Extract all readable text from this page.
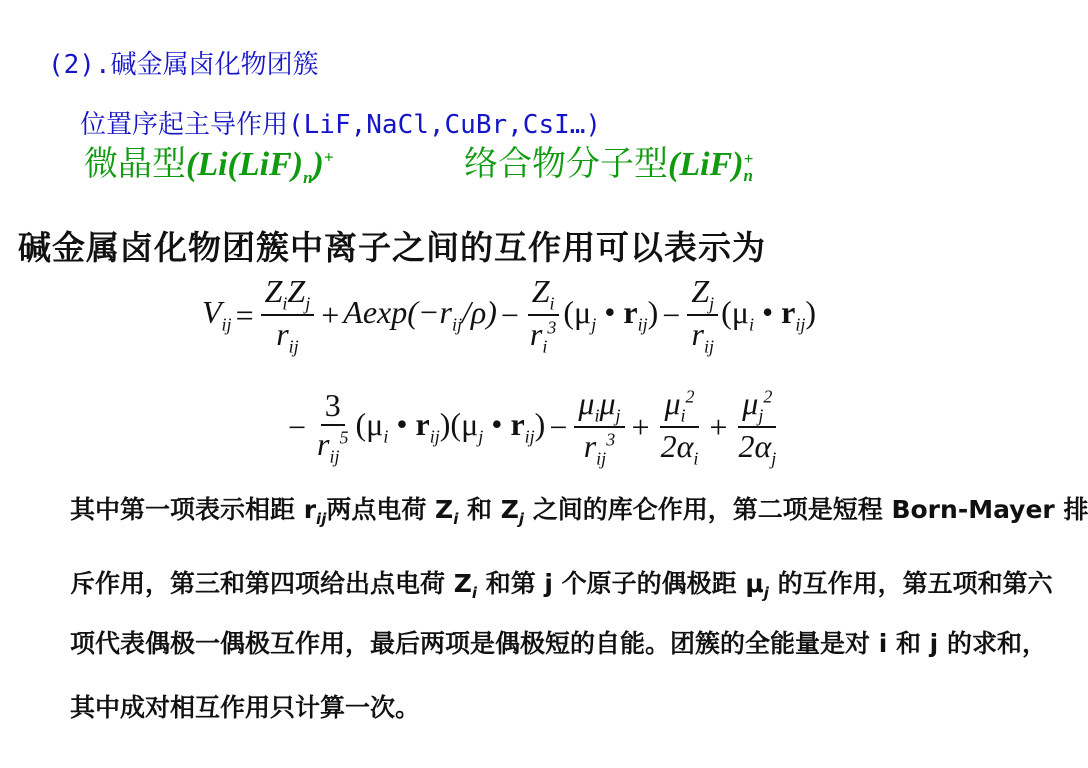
(2).碱金属卤化物团簇
位置序起主导作用(LiF,NaCl,CuBr,CsI…)
微晶型$(Li(LiF)_n)^+$	络合物分子型(LiF) +
n
碱金属卤化物团簇中离子之间的互作用可以表示为
$V_{ij} = \frac{Z_iZ_j}{r_{ij}} + Aexp(-r_{ij}/\rho) - \frac{Z_i}{r_i^3} (\mu_j$ • $r_{ij}) - \frac{Z_j}{r_{ij}} (\mu_i$ • $r_{ij}$)
− $\frac{3}{r_{ij}^5} (\mu_i$ • $r_{ij})(\mu_j$ • $r_{ij}) - \frac{\mu_i\mu_j}{r_{ij}^3} + \frac{\mu_i^2}{2\alpha_i} + \frac{\mu_j^2}{2\alpha_j}$
其中第一项表示相距 $r_{ij}$两点电荷 $Z_i$ 和 $Z_j$ 之间的库仑作用，第二项是短程 Born-Mayer 排
斥作用，第三和第四项给出点电荷 $Z_i$ 和第 j 个原子的偶极距 $\mu_j$ 的互作用，第五项和第六
项代表偶极一偶极互作用，最后两项是偶极短的自能。团簇的全能量是对 i 和 j 的求和，
其中成对相互作用只计算一次。
